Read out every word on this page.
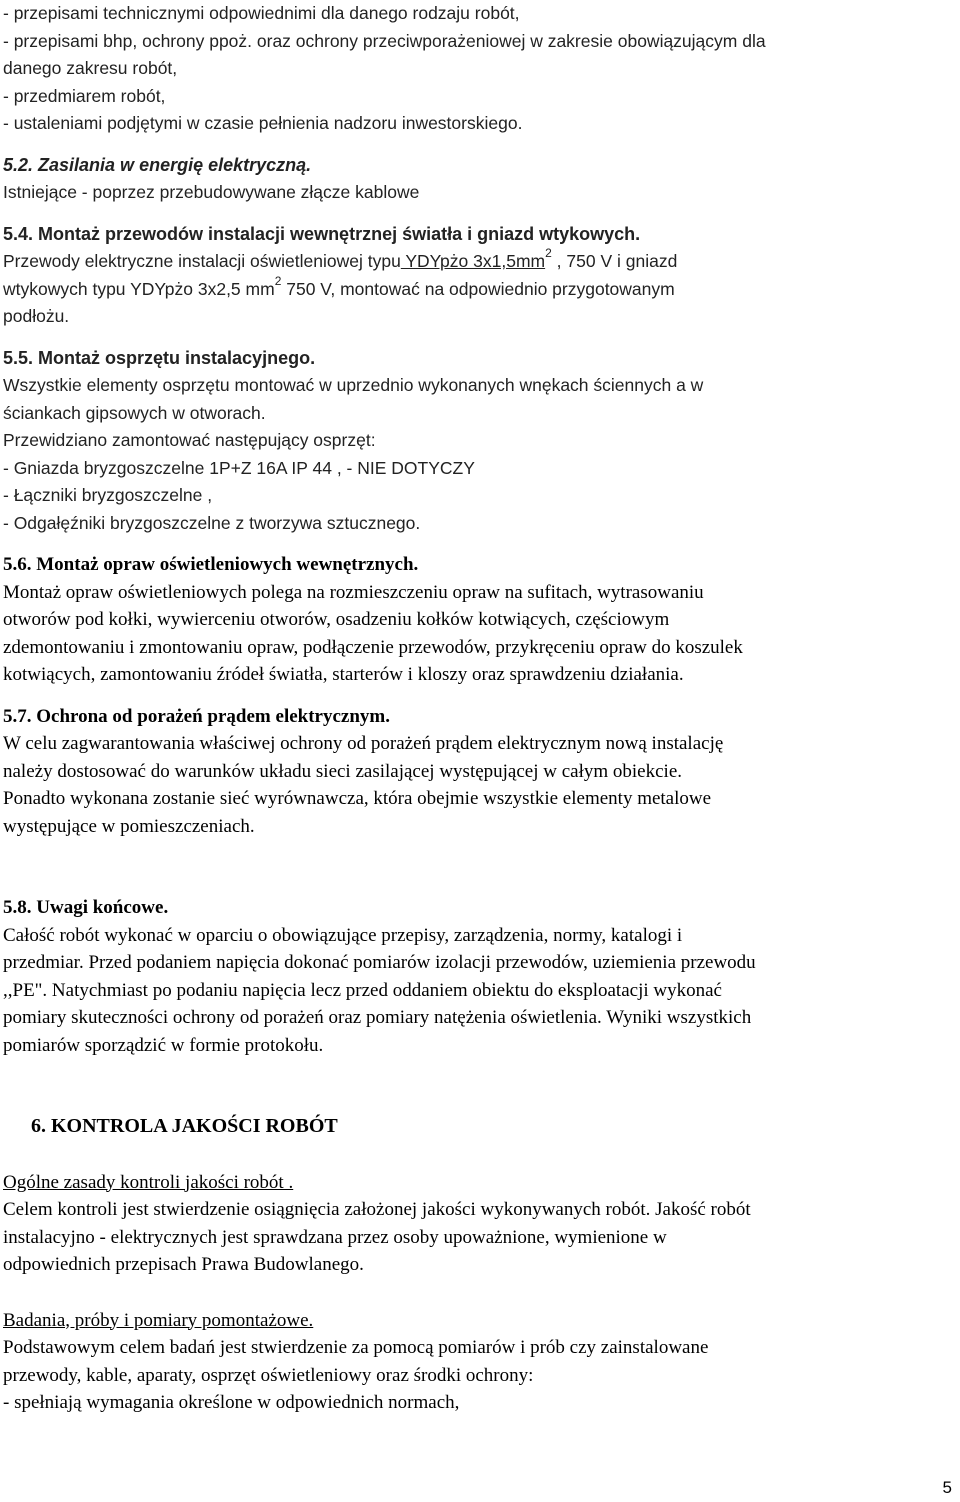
- przepisami technicznymi odpowiednimi dla danego rodzaju robót,

- przepisami bhp, ochrony ppoż. oraz ochrony przeciwporażeniowej w zakresie obowiązującym dla

danego zakresu robót,

- przedmiarem robót,

- ustaleniami podjętymi w czasie pełnienia nadzoru inwestorskiego.

5.2. Zasilania w energię elektryczną.

Istniejące - poprzez przebudowywane złącze kablowe

5.4. Montaż przewodów instalacji wewnętrznej światła i gniazd wtykowych.

Przewody elektryczne instalacji oświetleniowej typu YDYpżo $3x1,5mm^2$ , 750 V i gniazd

wtykowych typu YDYpżo 3x2,5 $mm^2$ 750 V, montować na odpowiednio przygotowanym

podłożu.

5.5. Montaż osprzętu instalacyjnego.

Wszystkie elementy osprzętu montować w uprzednio wykonanych wnękach ściennych a w

ściankach gipsowych w otworach.

Przewidziano zamontować następujący osprzęt:

- Gniazda bryzgoszczelne 1P+Z 16A IP 44 , - NIE DOTYCZY

- Łączniki bryzgoszczelne ,

- Odgałęźniki bryzgoszczelne z tworzywa sztucznego.

5.6. Montaż opraw oświetleniowych wewnętrznych.

Montaż opraw oświetleniowych polega na rozmieszczeniu opraw na sufitach, wytrasowaniu

otworów pod kołki, wywierceniu otworów, osadzeniu kołków kotwiących, częściowym

zdemontowaniu i zmontowaniu opraw, podłączenie przewodów, przykręceniu opraw do koszulek

kotwiących, zamontowaniu źródeł światła, starterów i kloszy oraz sprawdzeniu działania.

5.7. Ochrona od porażeń prądem elektrycznym.

W celu zagwarantowania właściwej ochrony od porażeń prądem elektrycznym nową instalację

należy dostosować do warunków układu sieci zasilającej występującej w całym obiekcie.

Ponadto wykonana zostanie sieć wyrównawcza, która obejmie wszystkie elementy metalowe

występujące w pomieszczeniach.

5.8. Uwagi końcowe.

Całość robót wykonać w oparciu o obowiązujące przepisy, zarządzenia, normy, katalogi i

przedmiar. Przed podaniem napięcia dokonać pomiarów izolacji przewodów, uziemienia przewodu

,,PE". Natychmiast po podaniu napięcia lecz przed oddaniem obiektu do eksploatacji wykonać

pomiary skuteczności ochrony od porażeń oraz pomiary natężenia oświetlenia. Wyniki wszystkich

pomiarów sporządzić w formie protokołu.

6. KONTROLA JAKOŚCI ROBÓT

Ogólne zasady kontroli jakości robót .

Celem kontroli jest stwierdzenie osiągnięcia założonej jakości wykonywanych robót. Jakość robót

instalacyjno - elektrycznych jest sprawdzana przez osoby upoważnione, wymienione w

odpowiednich przepisach Prawa Budowlanego.

Badania, próby i pomiary pomontażowe.

Podstawowym celem badań jest stwierdzenie za pomocą pomiarów i prób czy zainstalowane

przewody, kable, aparaty, osprzęt oświetleniowy oraz środki ochrony:

- spełniają wymagania określone w odpowiednich normach,

5
